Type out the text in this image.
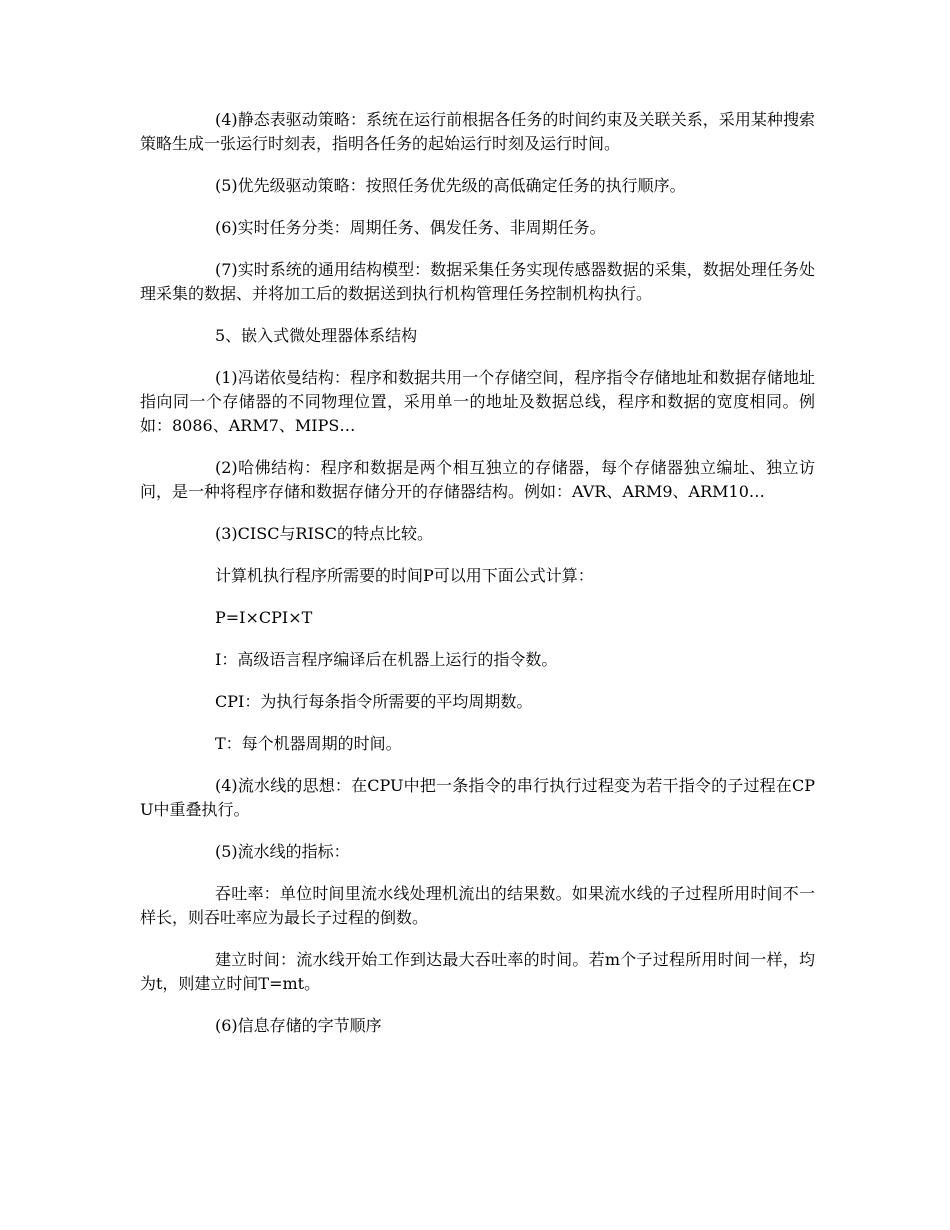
(4)静态表驱动策略：系统在运行前根据各任务的时间约束及关联关系，采用某种搜索策略生成一张运行时刻表，指明各任务的起始运行时刻及运行时间。

(5)优先级驱动策略：按照任务优先级的高低确定任务的执行顺序。

(6)实时任务分类：周期任务、偶发任务、非周期任务。

(7)实时系统的通用结构模型：数据采集任务实现传感器数据的采集，数据处理任务处理采集的数据、并将加工后的数据送到执行机构管理任务控制机构执行。

5、嵌入式微处理器体系结构

(1)冯诺依曼结构：程序和数据共用一个存储空间，程序指令存储地址和数据存储地址指向同一个存储器的不同物理位置，采用单一的地址及数据总线，程序和数据的宽度相同。例如：8086、ARM7、MIPS…

(2)哈佛结构：程序和数据是两个相互独立的存储器，每个存储器独立编址、独立访问，是一种将程序存储和数据存储分开的存储器结构。例如：AVR、ARM9、ARM10…

(3)CISC与RISC的特点比较。

计算机执行程序所需要的时间P可以用下面公式计算：

P=I×CPI×T

I：高级语言程序编译后在机器上运行的指令数。

CPI：为执行每条指令所需要的平均周期数。

T：每个机器周期的时间。

(4)流水线的思想：在CPU中把一条指令的串行执行过程变为若干指令的子过程在CPU中重叠执行。

(5)流水线的指标：

吞吐率：单位时间里流水线处理机流出的结果数。如果流水线的子过程所用时间不一样长，则吞吐率应为最长子过程的倒数。

建立时间：流水线开始工作到达最大吞吐率的时间。若m个子过程所用时间一样，均为t，则建立时间T=mt。

(6)信息存储的字节顺序
